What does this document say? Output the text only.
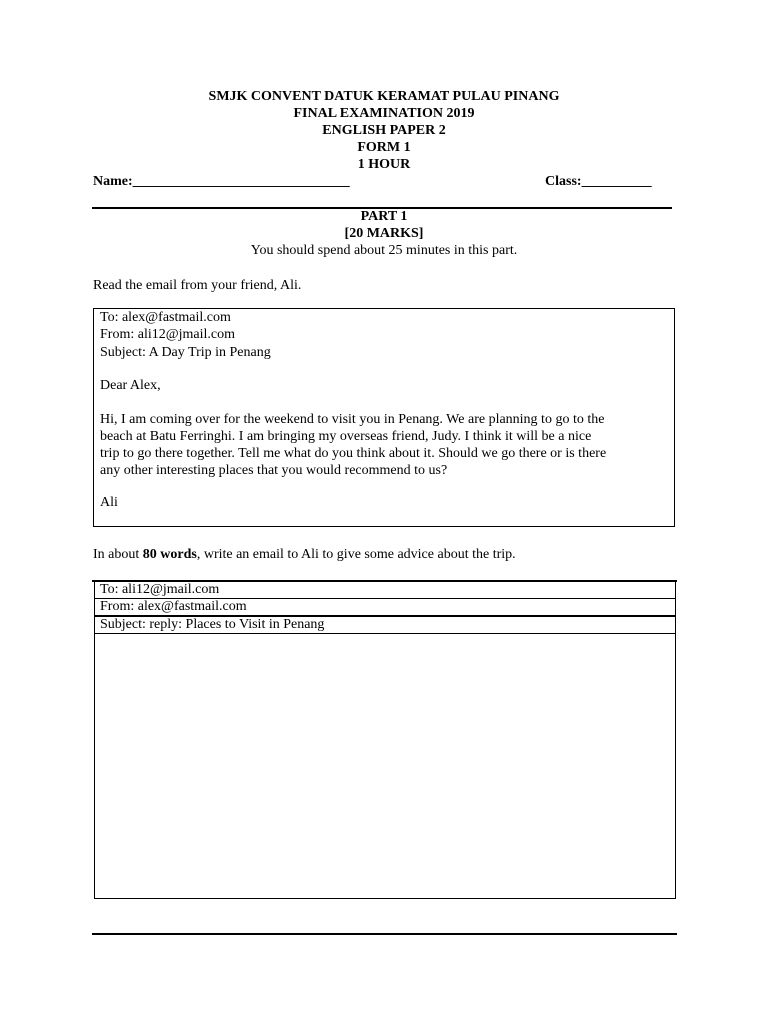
SMJK CONVENT DATUK KERAMAT PULAU PINANG
FINAL EXAMINATION 2019
ENGLISH PAPER 2
FORM 1
1 HOUR
Name:_______________________________	Class:__________
PART 1
[20 MARKS]
You should spend about 25 minutes in this part.
Read the email from your friend, Ali.
To: alex@fastmail.com
From: ali12@jmail.com
Subject: A Day Trip in Penang
Dear Alex,
Hi, I am coming over for the weekend to visit you in Penang. We are planning to go to the
beach at Batu Ferringhi. I am bringing my overseas friend, Judy. I think it will be a nice
trip to go there together. Tell me what do you think about it. Should we go there or is there
any other interesting places that you would recommend to us?
Ali
In about 80 words, write an email to Ali to give some advice about the trip.
To: ali12@jmail.com
From: alex@fastmail.com
Subject: reply: Places to Visit in Penang
